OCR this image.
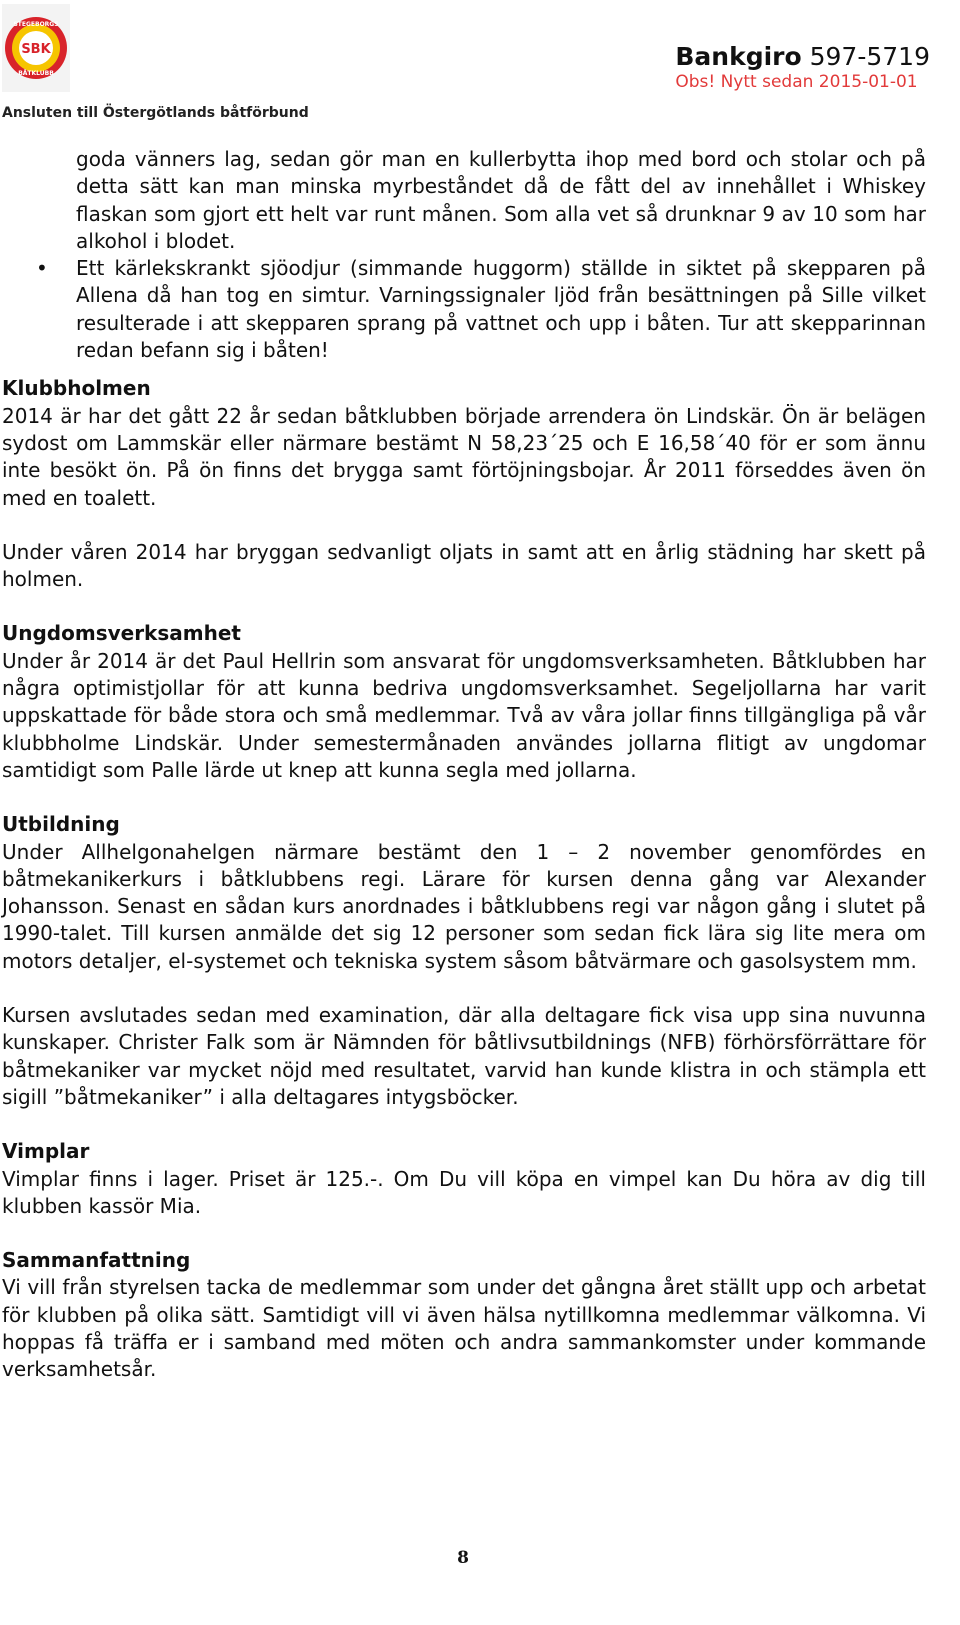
STEGEBORGS
SBK
BÅTKLUBB
Ansluten till Östergötlands båtförbund
Bankgiro 597-5719
Obs! Nytt sedan 2015-01-01

goda vänners lag, sedan gör man en kullerbytta ihop med bord och stolar och på detta sätt kan man minska myrbeståndet då de fått del av innehållet i Whiskey flaskan som gjort ett helt var runt månen. Som alla vet så drunknar 9 av 10 som har alkohol i blodet.

• Ett kärlekskrankt sjöodjur (simmande huggorm) ställde in siktet på skepparen på Allena då han tog en simtur. Varningssignaler ljöd från besättningen på Sille vilket resulterade i att skepparen sprang på vattnet och upp i båten. Tur att skepparinnan redan befann sig i båten!

Klubbholmen

2014 är har det gått 22 år sedan båtklubben började arrendera ön Lindskär. Ön är belägen sydost om Lammskär eller närmare bestämt N 58,23´25 och E 16,58´40 för er som ännu inte besökt ön. På ön finns det brygga samt förtöjningsbojar. År 2011 förseddes även ön med en toalett.

Under våren 2014 har bryggan sedvanligt oljats in samt att en årlig städning har skett på holmen.

Ungdomsverksamhet

Under år 2014 är det Paul Hellrin som ansvarat för ungdomsverksamheten. Båtklubben har några optimistjollar för att kunna bedriva ungdomsverksamhet. Segeljollarna har varit uppskattade för både stora och små medlemmar. Två av våra jollar finns tillgängliga på vår klubbholme Lindskär. Under semestermånaden användes jollarna flitigt av ungdomar samtidigt som Palle lärde ut knep att kunna segla med jollarna.

Utbildning

Under Allhelgonahelgen närmare bestämt den 1 – 2 november genomfördes en båtmekanikerkurs i båtklubbens regi. Lärare för kursen denna gång var Alexander Johansson. Senast en sådan kurs anordnades i båtklubbens regi var någon gång i slutet på 1990-talet. Till kursen anmälde det sig 12 personer som sedan fick lära sig lite mera om motors detaljer, el-systemet och tekniska system såsom båtvärmare och gasolsystem mm.

Kursen avslutades sedan med examination, där alla deltagare fick visa upp sina nuvunna kunskaper. Christer Falk som är Nämnden för båtlivsutbildnings (NFB) förhörsförrättare för båtmekaniker var mycket nöjd med resultatet, varvid han kunde klistra in och stämpla ett sigill ”båtmekaniker” i alla deltagares intygsböcker.

Vimplar

Vimplar finns i lager. Priset är 125.-. Om Du vill köpa en vimpel kan Du höra av dig till klubben kassör Mia.

Sammanfattning

Vi vill från styrelsen tacka de medlemmar som under det gångna året ställt upp och arbetat för klubben på olika sätt. Samtidigt vill vi även hälsa nytillkomna medlemmar välkomna. Vi hoppas få träffa er i samband med möten och andra sammankomster under kommande verksamhetsår.

8
